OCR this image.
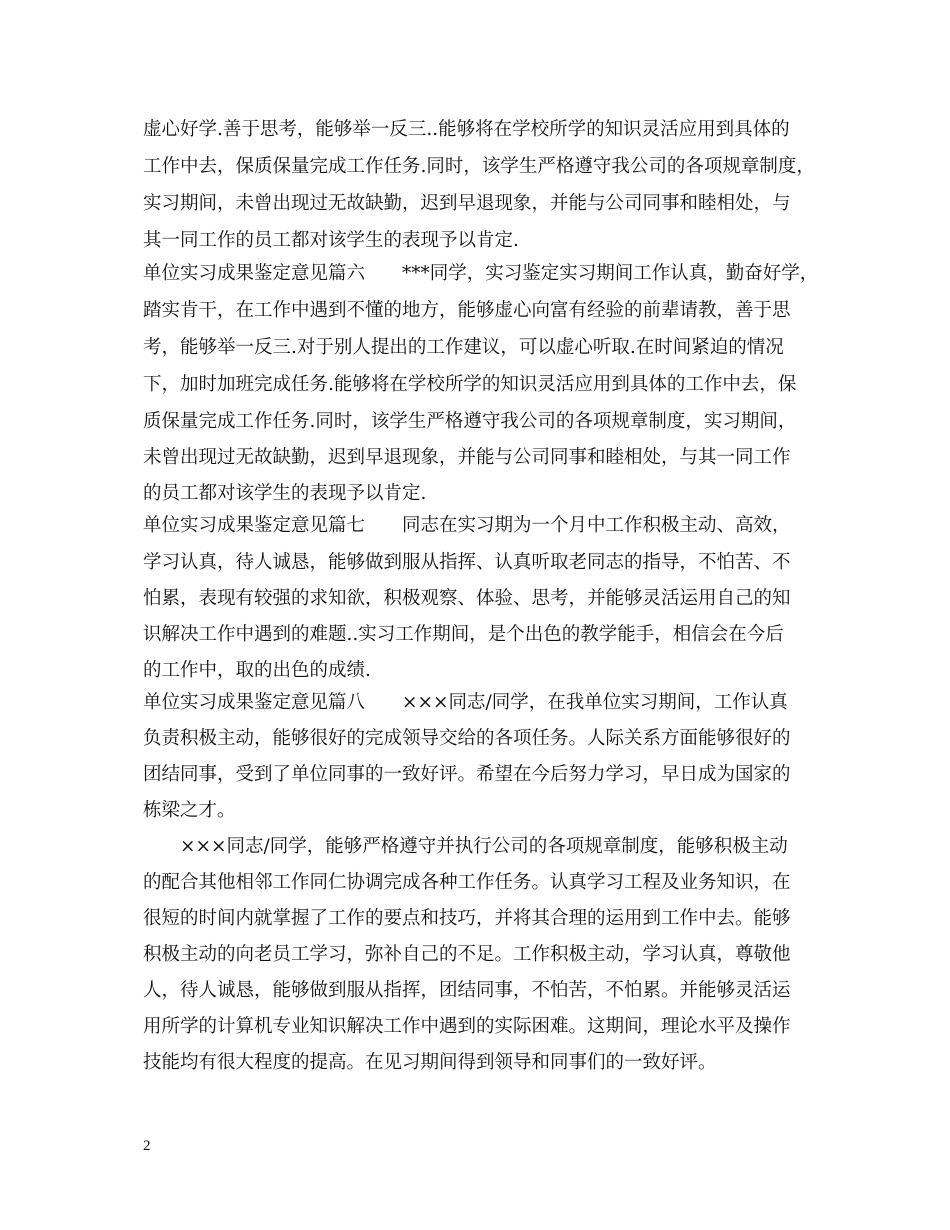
虚心好学.善于思考，能够举一反三..能够将在学校所学的知识灵活应用到具体的
工作中去，保质保量完成工作任务.同时，该学生严格遵守我公司的各项规章制度，
实习期间，未曾出现过无故缺勤，迟到早退现象，并能与公司同事和睦相处，与
其一同工作的员工都对该学生的表现予以肯定.
单位实习成果鉴定意见篇六　　***同学，实习鉴定实习期间工作认真，勤奋好学，
踏实肯干，在工作中遇到不懂的地方，能够虚心向富有经验的前辈请教，善于思
考，能够举一反三.对于别人提出的工作建议，可以虚心听取.在时间紧迫的情况
下，加时加班完成任务.能够将在学校所学的知识灵活应用到具体的工作中去，保
质保量完成工作任务.同时，该学生严格遵守我公司的各项规章制度，实习期间，
未曾出现过无故缺勤，迟到早退现象，并能与公司同事和睦相处，与其一同工作
的员工都对该学生的表现予以肯定.
单位实习成果鉴定意见篇七　　同志在实习期为一个月中工作积极主动、高效，
学习认真，待人诚恳，能够做到服从指挥、认真听取老同志的指导，不怕苦、不
怕累，表现有较强的求知欲，积极观察、体验、思考，并能够灵活运用自己的知
识解决工作中遇到的难题..实习工作期间，是个出色的教学能手，相信会在今后
的工作中，取的出色的成绩.
单位实习成果鉴定意见篇八　　×××同志/同学，在我单位实习期间，工作认真
负责积极主动，能够很好的完成领导交给的各项任务。人际关系方面能够很好的
团结同事，受到了单位同事的一致好评。希望在今后努力学习，早日成为国家的
栋梁之才。
　　×××同志/同学，能够严格遵守并执行公司的各项规章制度，能够积极主动
的配合其他相邻工作同仁协调完成各种工作任务。认真学习工程及业务知识，在
很短的时间内就掌握了工作的要点和技巧，并将其合理的运用到工作中去。能够
积极主动的向老员工学习，弥补自己的不足。工作积极主动，学习认真，尊敬他
人，待人诚恳，能够做到服从指挥，团结同事，不怕苦，不怕累。并能够灵活运
用所学的计算机专业知识解决工作中遇到的实际困难。这期间，理论水平及操作
技能均有很大程度的提高。在见习期间得到领导和同事们的一致好评。
2
